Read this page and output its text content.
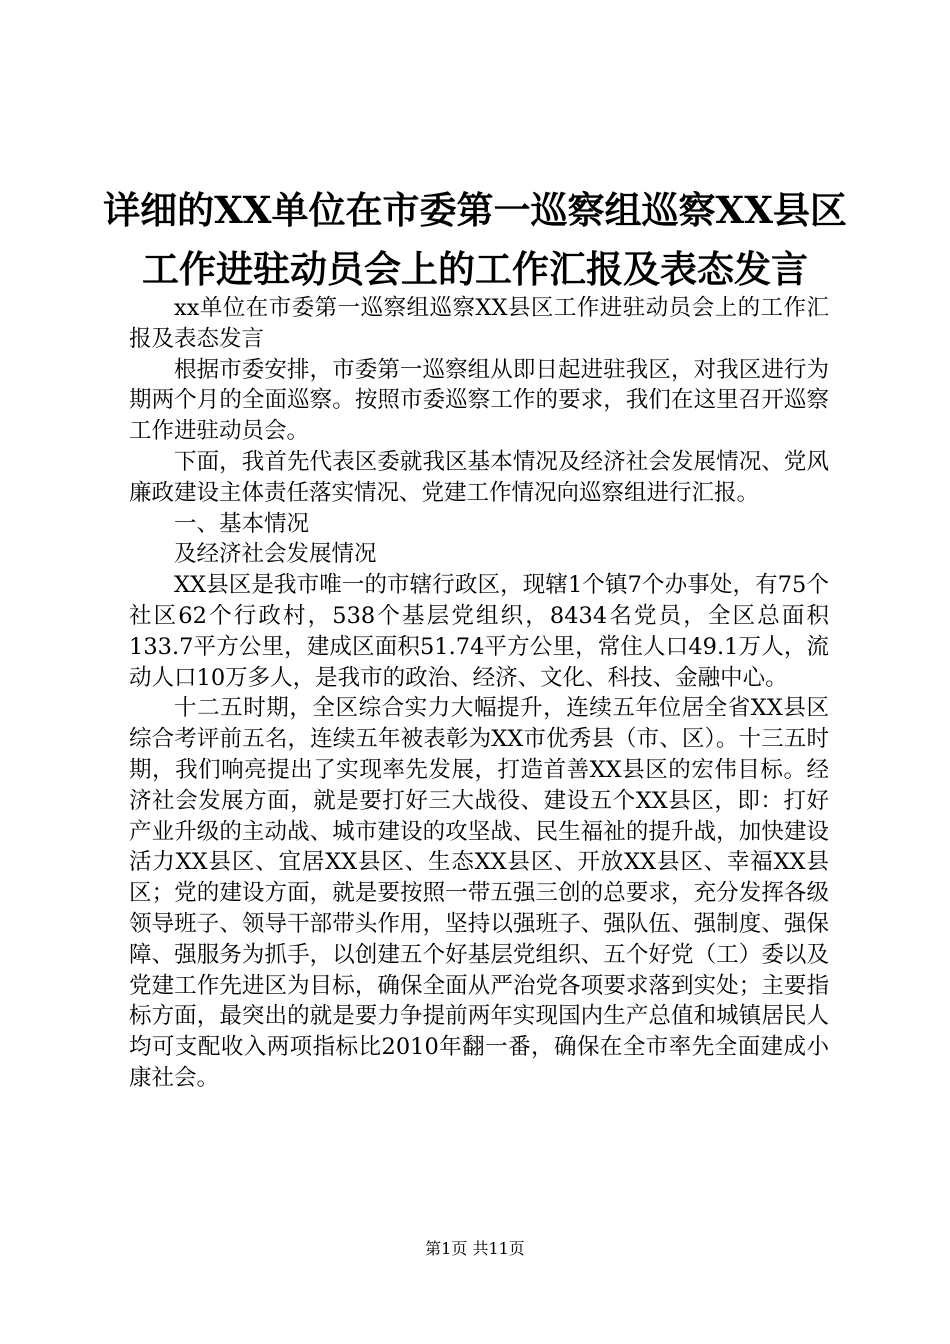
详细的XX单位在市委第一巡察组巡察XX县区
工作进驻动员会上的工作汇报及表态发言

xx单位在市委第一巡察组巡察XX县区工作进驻动员会上的工作汇报及表态发言

根据市委安排，市委第一巡察组从即日起进驻我区，对我区进行为期两个月的全面巡察。按照市委巡察工作的要求，我们在这里召开巡察工作进驻动员会。

下面，我首先代表区委就我区基本情况及经济社会发展情况、党风廉政建设主体责任落实情况、党建工作情况向巡察组进行汇报。

一、基本情况

及经济社会发展情况

XX县区是我市唯一的市辖行政区，现辖1个镇7个办事处，有75个社区62个行政村，538个基层党组织，8434名党员，全区总面积133.7平方公里，建成区面积51.74平方公里，常住人口49.1万人，流动人口10万多人，是我市的政治、经济、文化、科技、金融中心。

十二五时期，全区综合实力大幅提升，连续五年位居全省XX县区综合考评前五名，连续五年被表彰为XX市优秀县（市、区）。十三五时期，我们响亮提出了实现率先发展，打造首善XX县区的宏伟目标。经济社会发展方面，就是要打好三大战役、建设五个XX县区，即：打好产业升级的主动战、城市建设的攻坚战、民生福祉的提升战，加快建设活力XX县区、宜居XX县区、生态XX县区、开放XX县区、幸福XX县区；党的建设方面，就是要按照一带五强三创的总要求，充分发挥各级领导班子、领导干部带头作用，坚持以强班子、强队伍、强制度、强保障、强服务为抓手，以创建五个好基层党组织、五个好党（工）委以及党建工作先进区为目标，确保全面从严治党各项要求落到实处；主要指标方面，最突出的就是要力争提前两年实现国内生产总值和城镇居民人均可支配收入两项指标比2010年翻一番，确保在全市率先全面建成小康社会。

第1页 共11页
